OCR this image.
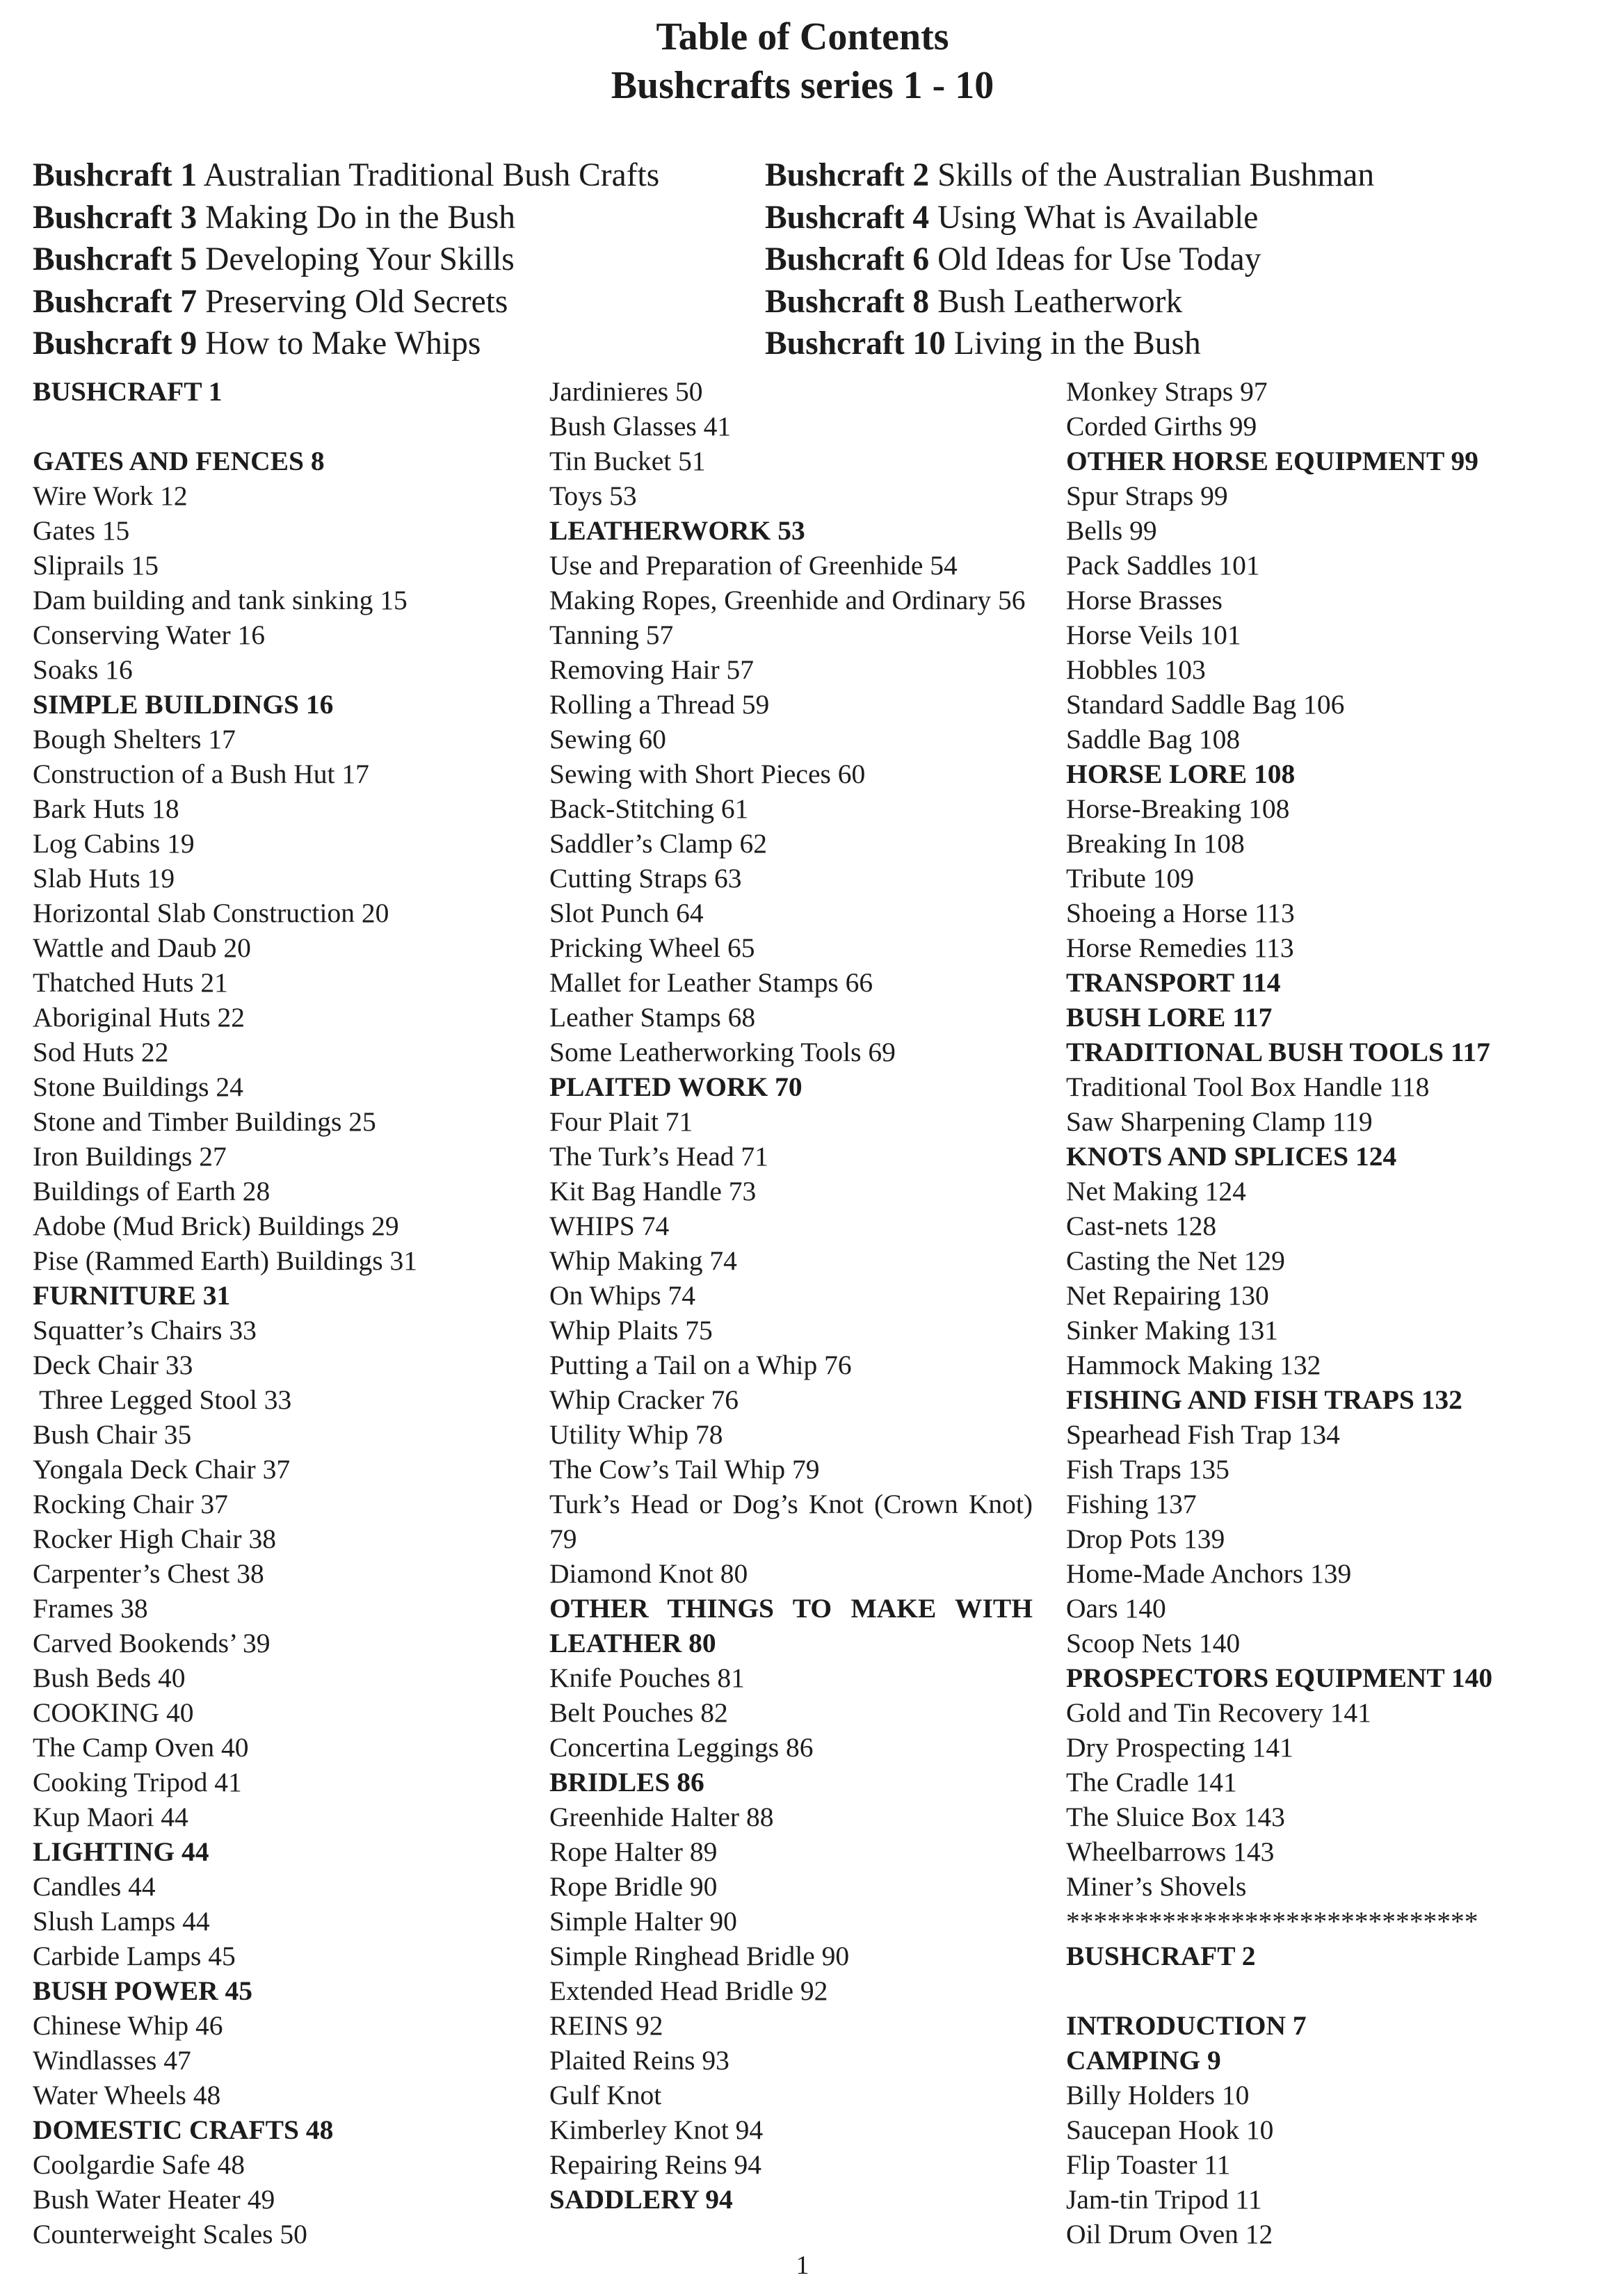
Table of Contents
Bushcrafts series 1 - 10
Bushcraft 1 Australian Traditional Bush Crafts
Bushcraft 3 Making Do in the Bush
Bushcraft 5 Developing Your Skills
Bushcraft 7 Preserving Old Secrets
Bushcraft 9 How to Make Whips
Bushcraft 2 Skills of the Australian Bushman
Bushcraft 4 Using What is Available
Bushcraft 6 Old Ideas for Use Today
Bushcraft 8 Bush Leatherwork
Bushcraft 10 Living in the Bush
BUSHCRAFT 1

GATES AND FENCES 8
Wire Work 12
Gates 15
Sliprails 15
Dam building and tank sinking 15
Conserving Water 16
Soaks 16
SIMPLE BUILDINGS 16
Bough Shelters 17
Construction of a Bush Hut 17
Bark Huts 18
Log Cabins 19
Slab Huts 19
Horizontal Slab Construction 20
Wattle and Daub 20
Thatched Huts 21
Aboriginal Huts 22
Sod Huts 22
Stone Buildings 24
Stone and Timber Buildings 25
Iron Buildings 27
Buildings of Earth 28
Adobe (Mud Brick) Buildings 29
Pise (Rammed Earth) Buildings 31
FURNITURE 31
Squatter’s Chairs 33
Deck Chair 33
Three Legged Stool 33
Bush Chair 35
Yongala Deck Chair 37
Rocking Chair 37
Rocker High Chair 38
Carpenter’s Chest 38
Frames 38
Carved Bookends’ 39
Bush Beds 40
COOKING 40
The Camp Oven 40
Cooking Tripod 41
Kup Maori 44
LIGHTING 44
Candles 44
Slush Lamps 44
Carbide Lamps 45
BUSH POWER 45
Chinese Whip 46
Windlasses 47
Water Wheels 48
DOMESTIC CRAFTS 48
Coolgardie Safe 48
Bush Water Heater 49
Counterweight Scales 50
Jardinieres 50
Bush Glasses 41
Tin Bucket 51
Toys 53
LEATHERWORK 53
Use and Preparation of Greenhide 54
Making Ropes, Greenhide and Ordinary 56
Tanning 57
Removing Hair 57
Rolling a Thread 59
Sewing 60
Sewing with Short Pieces 60
Back-Stitching 61
Saddler’s Clamp 62
Cutting Straps 63
Slot Punch 64
Pricking Wheel 65
Mallet for Leather Stamps 66
Leather Stamps 68
Some Leatherworking Tools 69
PLAITED WORK 70
Four Plait 71
The Turk’s Head 71
Kit Bag Handle 73
WHIPS 74
Whip Making 74
On Whips 74
Whip Plaits 75
Putting a Tail on a Whip 76
Whip Cracker 76
Utility Whip 78
The Cow’s Tail Whip 79
Turk’s Head or Dog’s Knot (Crown Knot) 79
Diamond Knot 80
OTHER THINGS TO MAKE WITH LEATHER 80
Knife Pouches 81
Belt Pouches 82
Concertina Leggings 86
BRIDLES 86
Greenhide Halter 88
Rope Halter 89
Rope Bridle 90
Simple Halter 90
Simple Ringhead Bridle 90
Extended Head Bridle 92
REINS 92
Plaited Reins 93
Gulf Knot
Kimberley Knot 94
Repairing Reins 94
SADDLERY 94
Monkey Straps 97
Corded Girths 99
OTHER HORSE EQUIPMENT 99
Spur Straps 99
Bells 99
Pack Saddles 101
Horse Brasses
Horse Veils 101
Hobbles 103
Standard Saddle Bag 106
Saddle Bag 108
HORSE LORE 108
Horse-Breaking 108
Breaking In 108
Tribute 109
Shoeing a Horse 113
Horse Remedies 113
TRANSPORT 114
BUSH LORE 117
TRADITIONAL BUSH TOOLS 117
Traditional Tool Box Handle 118
Saw Sharpening Clamp 119
KNOTS AND SPLICES 124
Net Making 124
Cast-nets 128
Casting the Net 129
Net Repairing 130
Sinker Making 131
Hammock Making 132
FISHING AND FISH TRAPS 132
Spearhead Fish Trap 134
Fish Traps 135
Fishing 137
Drop Pots 139
Home-Made Anchors 139
Oars 140
Scoop Nets 140
PROSPECTORS EQUIPMENT 140
Gold and Tin Recovery 141
Dry Prospecting 141
The Cradle 141
The Sluice Box 143
Wheelbarrows 143
Miner’s Shovels
******************************
BUSHCRAFT 2

INTRODUCTION 7
CAMPING 9
Billy Holders 10
Saucepan Hook 10
Flip Toaster 11
Jam-tin Tripod 11
Oil Drum Oven 12
1
